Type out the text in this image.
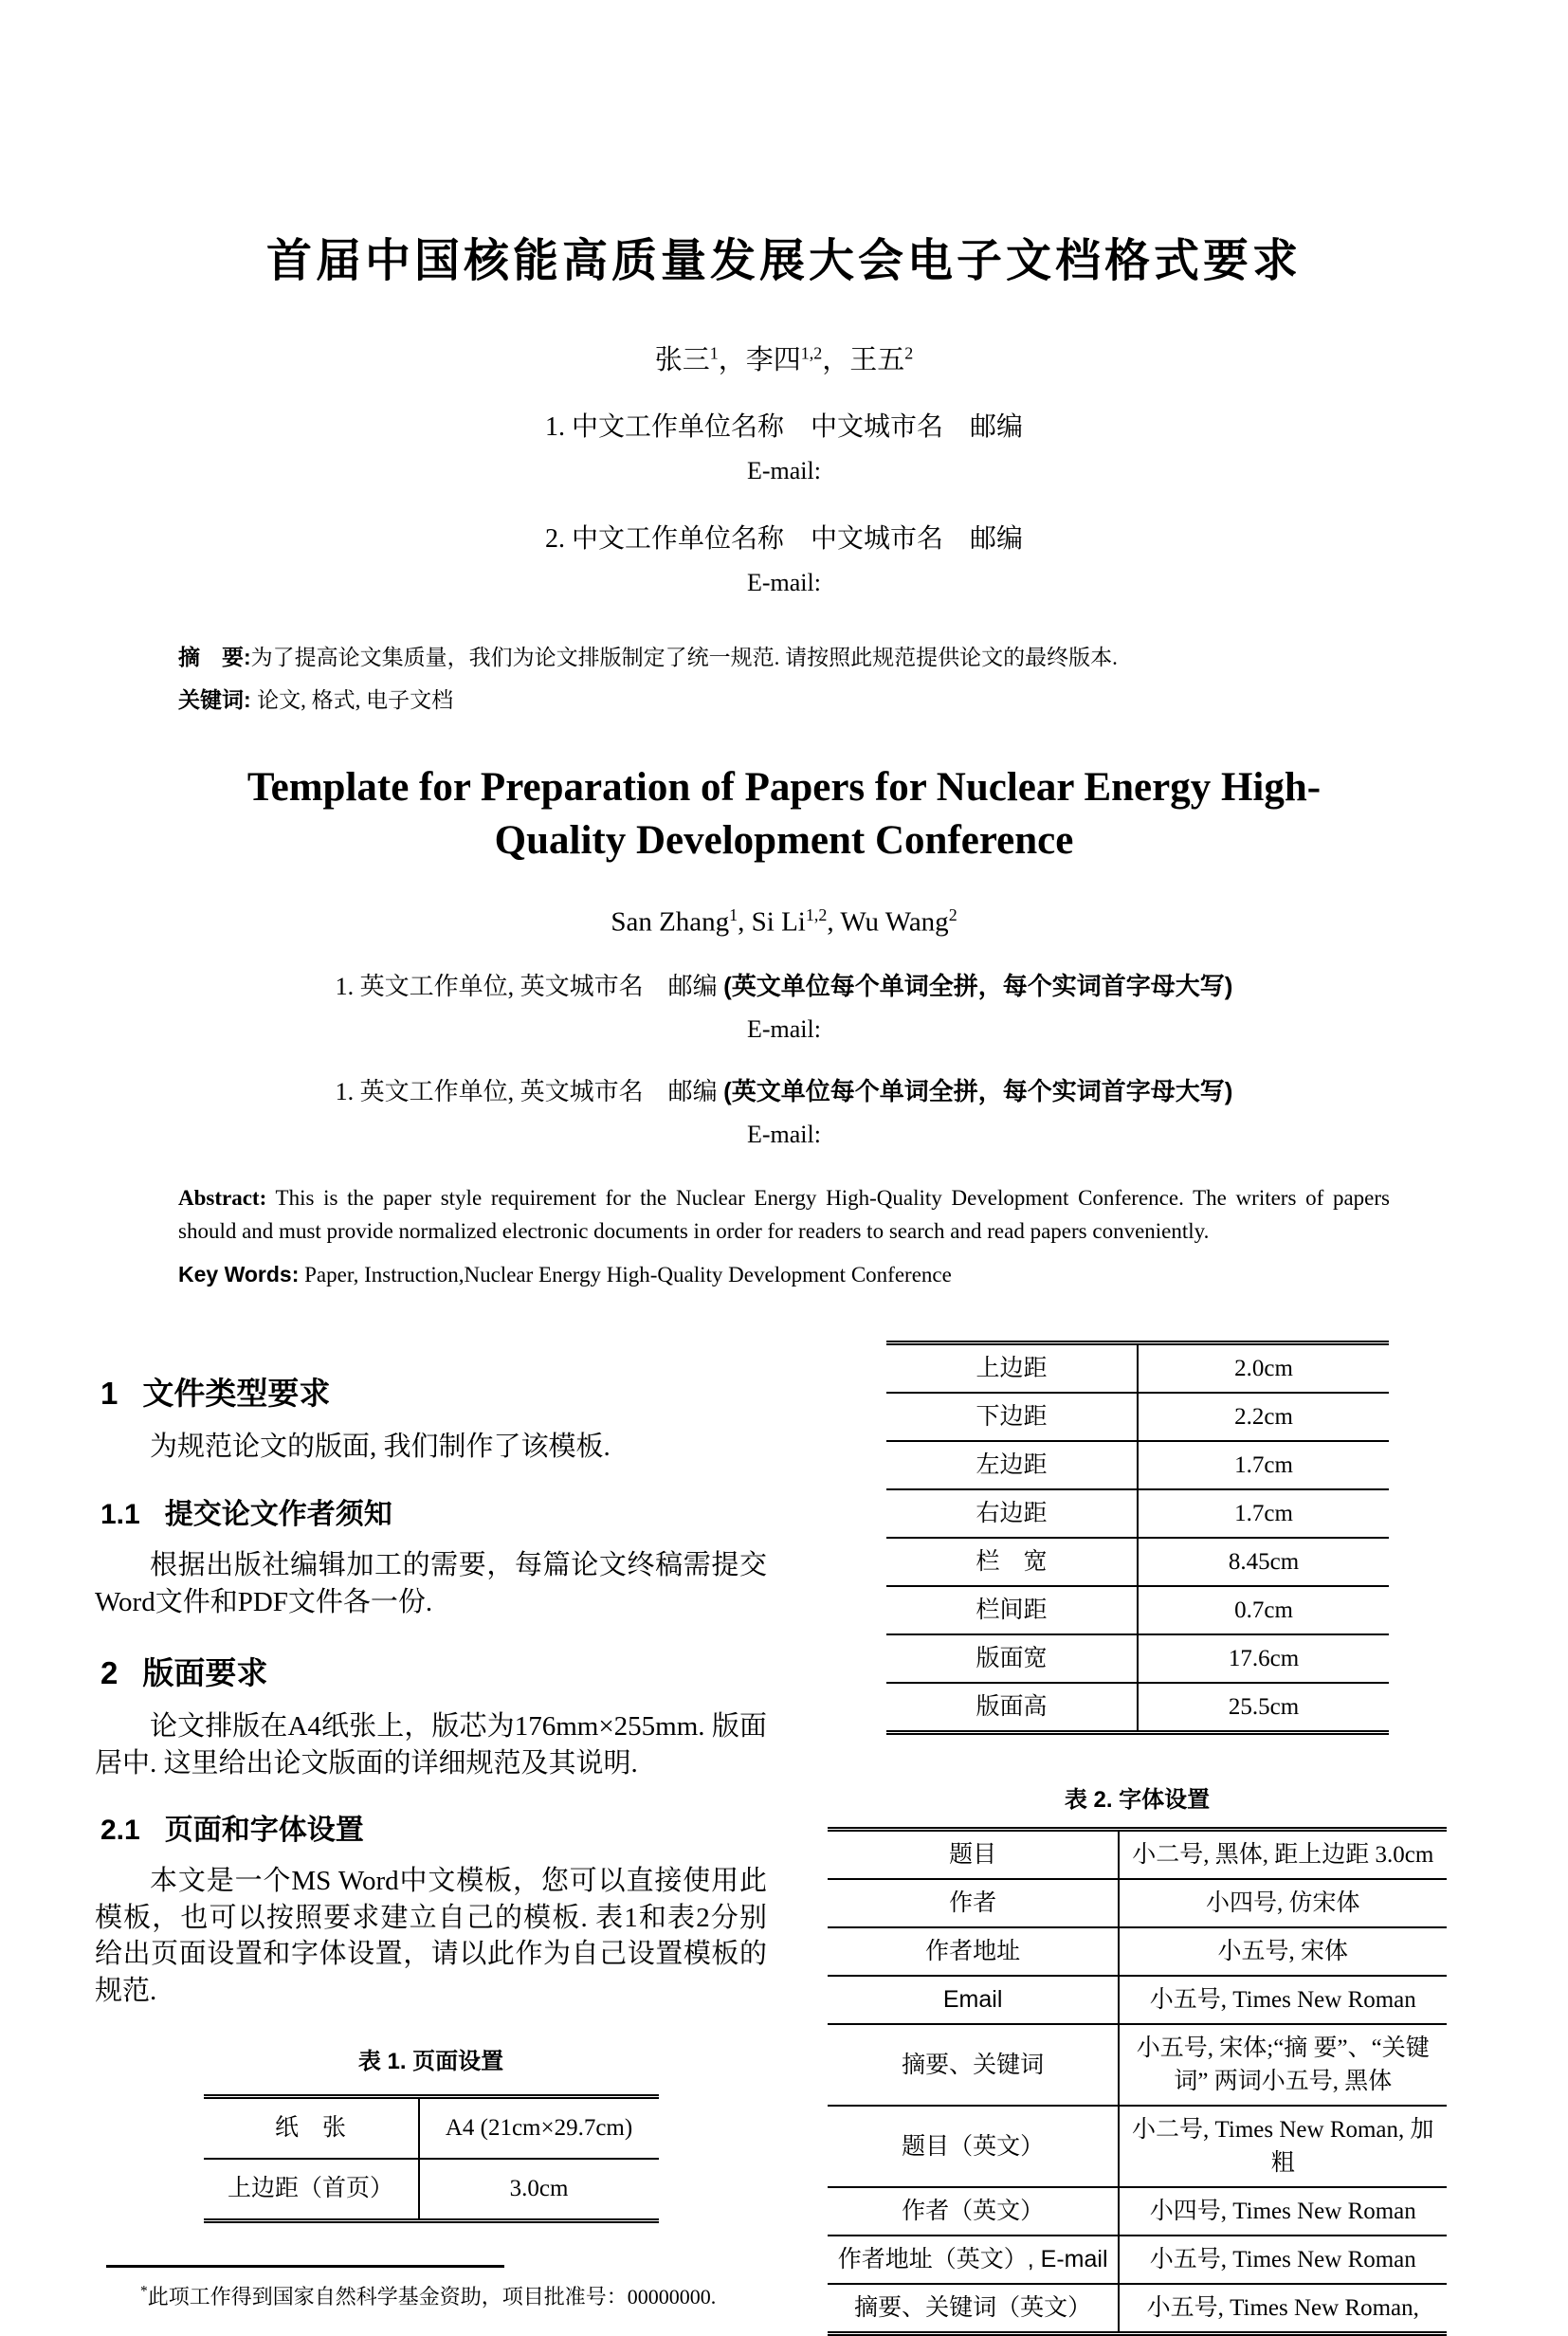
首届中国核能高质量发展大会电子文档格式要求
张三$^1$，李四$^{1,2}$，王五$^2$
1. 中文工作单位名称　中文城市名　邮编
E-mail:
2. 中文工作单位名称　中文城市名　邮编
E-mail:
摘　要:为了提高论文集质量，我们为论文排版制定了统一规范. 请按照此规范提供论文的最终版本.
关键词: 论文, 格式, 电子文档
Template for Preparation of Papers for Nuclear Energy High-Quality Development Conference
San Zhang$^1$, Si Li$^{1,2}$, Wu Wang$^2$
1. 英文工作单位, 英文城市名　邮编 (英文单位每个单词全拼，每个实词首字母大写)
E-mail:
1. 英文工作单位, 英文城市名　邮编 (英文单位每个单词全拼，每个实词首字母大写)
E-mail:
Abstract: This is the paper style requirement for the Nuclear Energy High-Quality Development Conference. The writers of papers should and must provide normalized electronic documents in order for readers to search and read papers conveniently.
Key Words: Paper, Instruction,Nuclear Energy High-Quality Development Conference
1 文件类型要求

为规范论文的版面, 我们制作了该模板.

1.1 提交论文作者须知

根据出版社编辑加工的需要，每篇论文终稿需提交Word文件和PDF文件各一份.

2 版面要求

论文排版在A4纸张上，版芯为176mm×255mm. 版面居中. 这里给出论文版面的详细规范及其说明.

2.1 页面和字体设置

本文是一个MS Word中文模板，您可以直接使用此模板，也可以按照要求建立自己的模板. 表1和表2分别给出页面设置和字体设置，请以此作为自己设置模板的规范.

表 1. 页面设置
纸　张	A4 (21cm×29.7cm)
上边距（首页）	3.0cm
*此项工作得到国家自然科学基金资助，项目批准号：00000000.
上边距	2.0cm
下边距	2.2cm
左边距	1.7cm
右边距	1.7cm
栏　宽	8.45cm
栏间距	0.7cm
版面宽	17.6cm
版面高	25.5cm
表 2. 字体设置
题目	小二号, 黑体, 距上边距 3.0cm
作者	小四号, 仿宋体
作者地址	小五号, 宋体
Email	小五号, Times New Roman
摘要、关键词	小五号, 宋体;“摘 要”、“关键词” 两词小五号, 黑体
题目（英文）	小二号, Times New Roman, 加粗
作者（英文）	小四号, Times New Roman
作者地址（英文）, E-mail	小五号, Times New Roman
摘要、关键词（英文）	小五号, Times New Roman,
